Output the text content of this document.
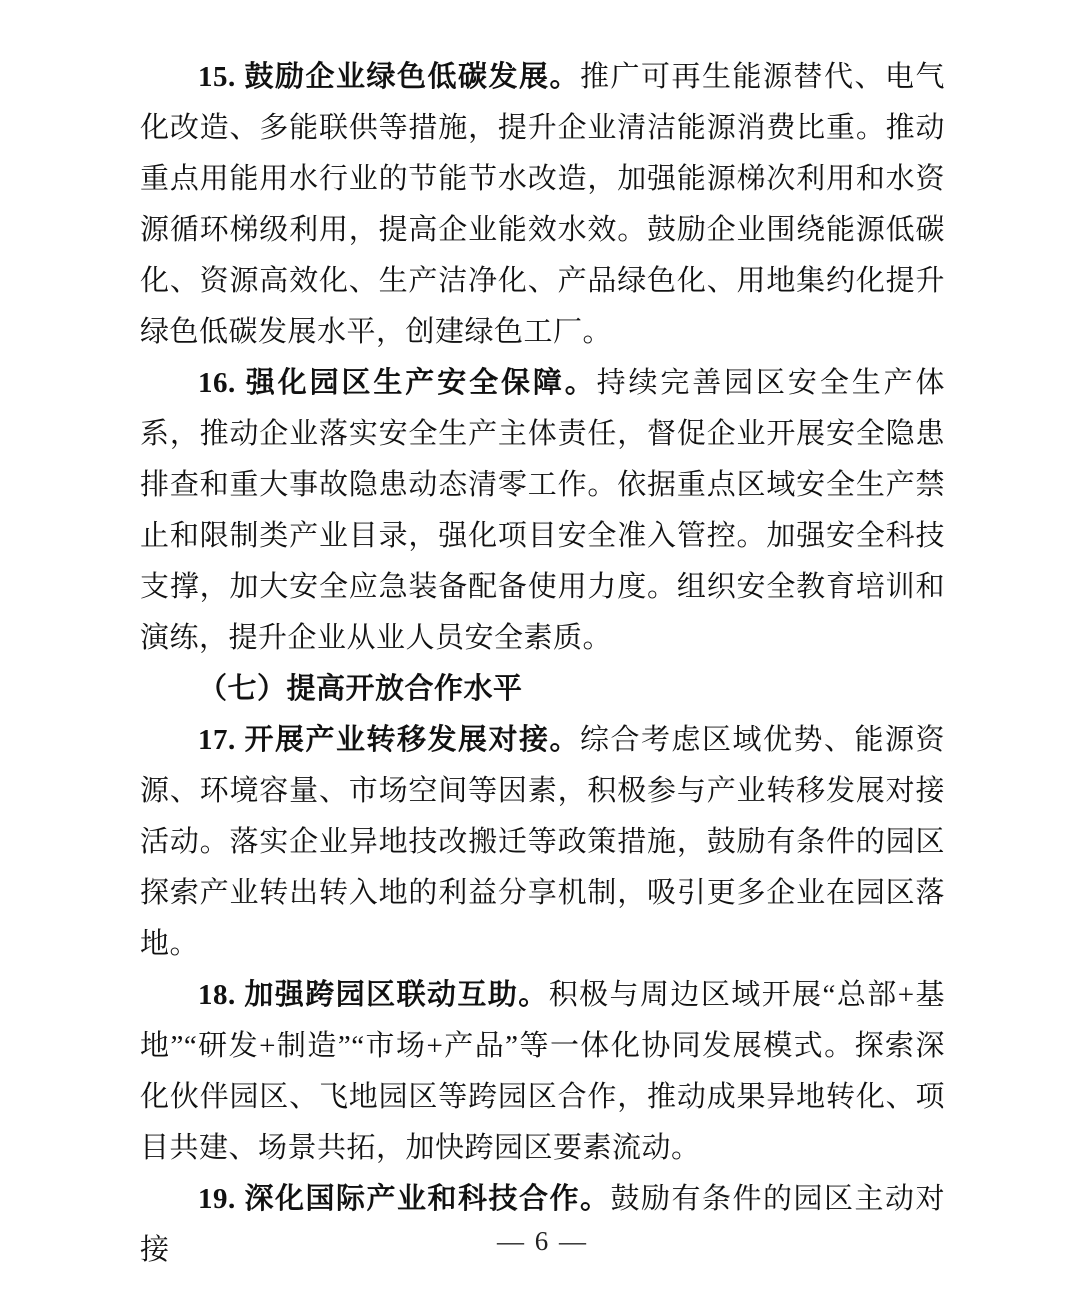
15. 鼓励企业绿色低碳发展。推广可再生能源替代、电气化改造、多能联供等措施，提升企业清洁能源消费比重。推动重点用能用水行业的节能节水改造，加强能源梯次利用和水资源循环梯级利用，提高企业能效水效。鼓励企业围绕能源低碳化、资源高效化、生产洁净化、产品绿色化、用地集约化提升绿色低碳发展水平，创建绿色工厂。

16. 强化园区生产安全保障。持续完善园区安全生产体系，推动企业落实安全生产主体责任，督促企业开展安全隐患排查和重大事故隐患动态清零工作。依据重点区域安全生产禁止和限制类产业目录，强化项目安全准入管控。加强安全科技支撑，加大安全应急装备配备使用力度。组织安全教育培训和演练，提升企业从业人员安全素质。

（七）提高开放合作水平

17. 开展产业转移发展对接。综合考虑区域优势、能源资源、环境容量、市场空间等因素，积极参与产业转移发展对接活动。落实企业异地技改搬迁等政策措施，鼓励有条件的园区探索产业转出转入地的利益分享机制，吸引更多企业在园区落地。

18. 加强跨园区联动互助。积极与周边区域开展“总部+基地”“研发+制造”“市场+产品”等一体化协同发展模式。探索深化伙伴园区、飞地园区等跨园区合作，推动成果异地转化、项目共建、场景共拓，加快跨园区要素流动。

19. 深化国际产业和科技合作。鼓励有条件的园区主动对接	— 6 —
